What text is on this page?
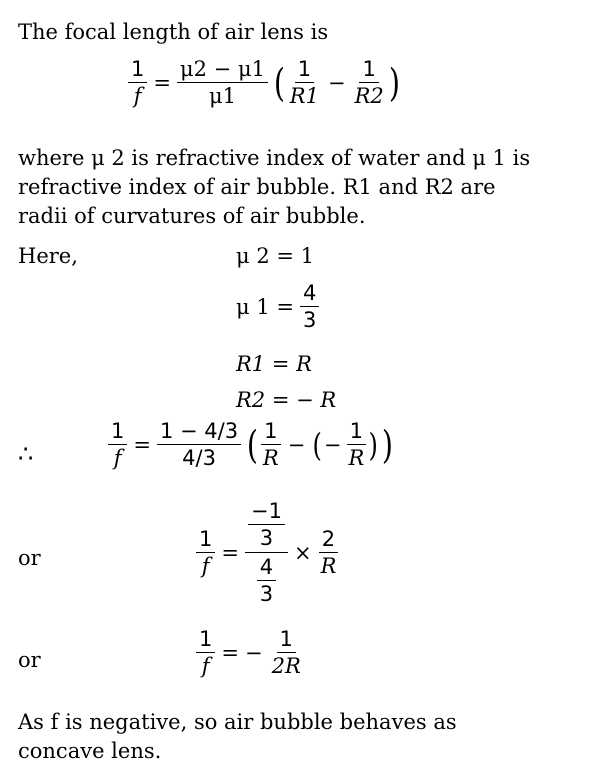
The focal length of air lens is
$\frac{1}{f} = \frac{\mu 2 - \mu 1}{\mu 1}$ ( $\frac{1}{R1} - \frac{1}{R2}$ )
where μ 2 is refractive index of water and μ 1 is
refractive index of air bubble. R1 and R2 are
radii of curvatures of air bubble.
Here,	μ 2 = 1
μ $1 = \frac{4}{3}$
R1 = R
R2 = − R
∴	$\frac{1}{f} = \frac{1 - 4/3}{4/3}$ ( $\frac{1}{R}$ − ( − $\frac{1}{R}$ ) )
or	$\frac{1}{f} = \frac{\frac{-1}{3}}{\frac{4}{3}} \times \frac{2}{R}$
or	$\frac{1}{f}$ = − $\frac{1}{2R}$
As f is negative, so air bubble behaves as
concave lens.
